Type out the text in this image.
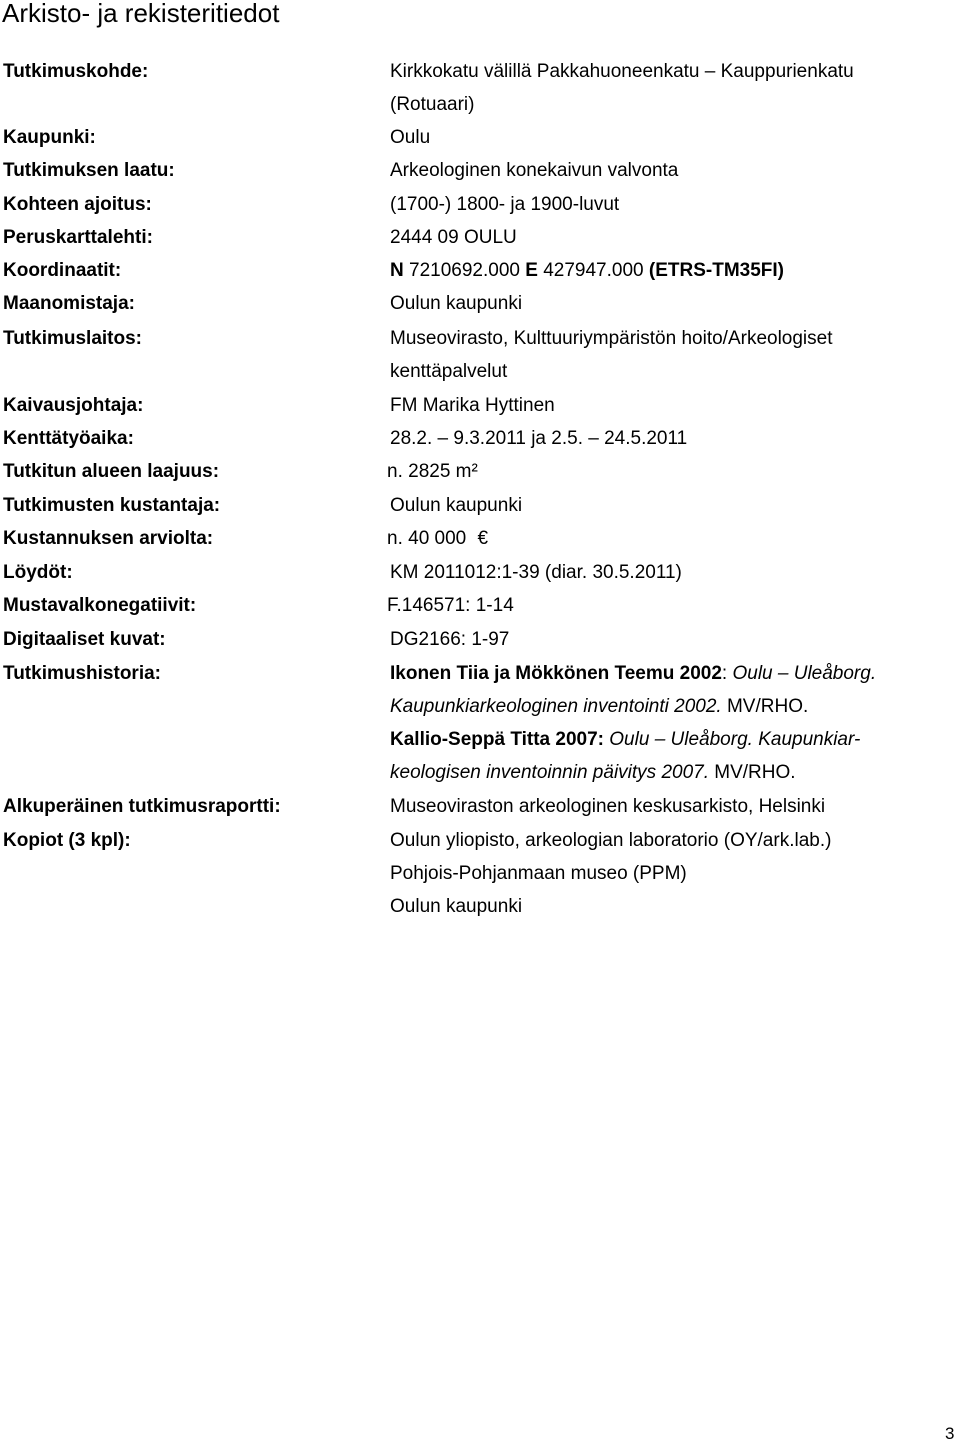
Arkisto- ja rekisteritiedot
Tutkimuskohde:	Kirkkokatu välillä Pakkahuoneenkatu – Kauppurienkatu
(Rotuaari)
Kaupunki:	Oulu
Tutkimuksen laatu:	Arkeologinen konekaivun valvonta
Kohteen ajoitus:	(1700-) 1800- ja 1900-luvut
Peruskarttalehti:	2444 09 OULU
Koordinaatit:	N 7210692.000 E 427947.000 (ETRS-TM35FI)
Maanomistaja:	Oulun kaupunki
Tutkimuslaitos:	Museovirasto, Kulttuuriympäristön hoito/Arkeologiset
kenttäpalvelut
Kaivausjohtaja:	FM Marika Hyttinen
Kenttätyöaika:	28.2. – 9.3.2011 ja 2.5. – 24.5.2011
Tutkitun alueen laajuus:	n. 2825 m²
Tutkimusten kustantaja:	Oulun kaupunki
Kustannuksen arviolta:	n. 40 000 €
Löydöt:	KM 2011012:1-39 (diar. 30.5.2011)
Mustavalkonegatiivit:	F.146571: 1-14
Digitaaliset kuvat:	DG2166: 1-97
Tutkimushistoria:	Ikonen Tiia ja Mökkönen Teemu 2002: Oulu – Uleåborg.
Kaupunkiarkeologinen inventointi 2002. MV/RHO.
Kallio-Seppä Titta 2007: Oulu – Uleåborg. Kaupunkiar-
keologisen inventoinnin päivitys 2007. MV/RHO.
Alkuperäinen tutkimusraportti:	Museoviraston arkeologinen keskusarkisto, Helsinki
Kopiot (3 kpl):	Oulun yliopisto, arkeologian laboratorio (OY/ark.lab.)
Pohjois-Pohjanmaan museo (PPM)
Oulun kaupunki
3
